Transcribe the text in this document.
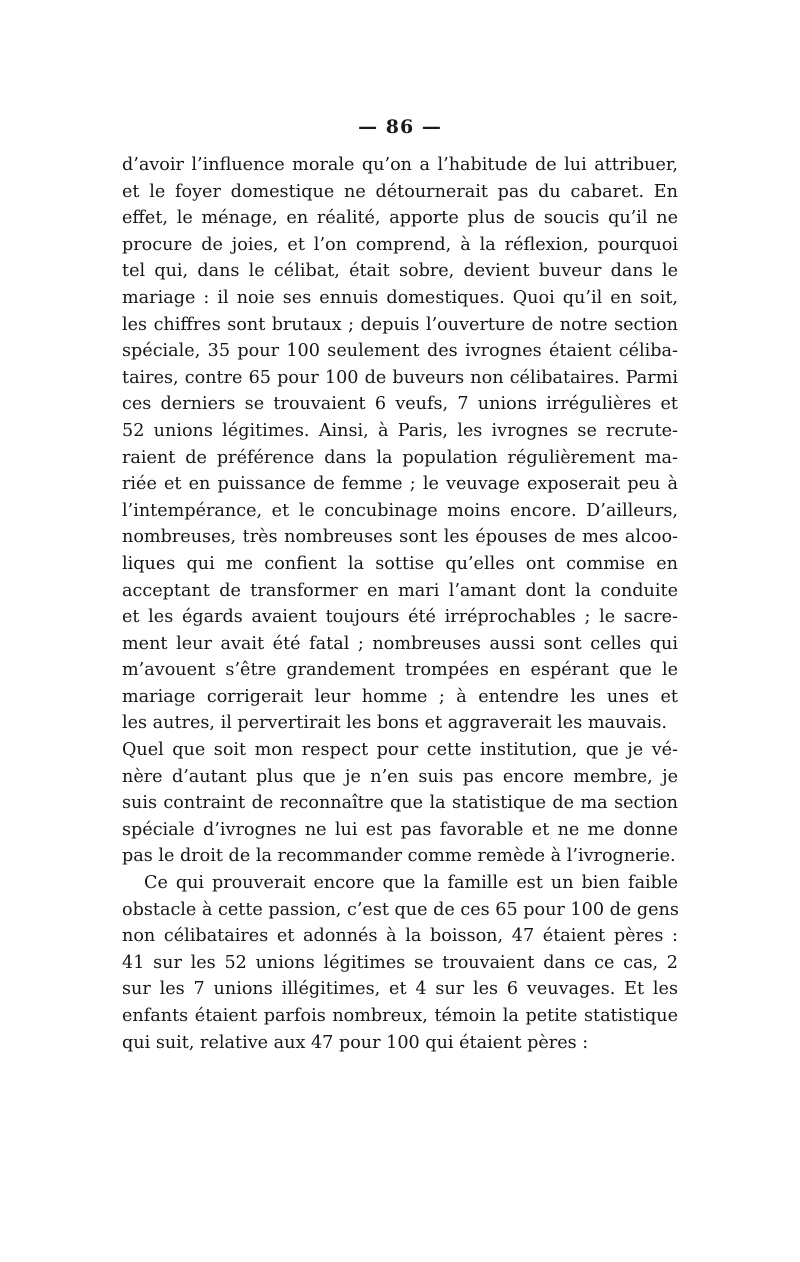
— 86 —
d’avoir l’influence morale qu’on a l’habitude de lui attribuer,
et le foyer domestique ne détournerait pas du cabaret. En
effet, le ménage, en réalité, apporte plus de soucis qu’il ne
procure de joies, et l’on comprend, à la réflexion, pourquoi
tel qui, dans le célibat, était sobre, devient buveur dans le
mariage : il noie ses ennuis domestiques. Quoi qu’il en soit,
les chiffres sont brutaux ; depuis l’ouverture de notre section
spéciale, 35 pour 100 seulement des ivrognes étaient céliba-
taires, contre 65 pour 100 de buveurs non célibataires. Parmi
ces derniers se trouvaient 6 veufs, 7 unions irrégulières et
52 unions légitimes. Ainsi, à Paris, les ivrognes se recrute-
raient de préférence dans la population régulièrement ma-
riée et en puissance de femme ; le veuvage exposerait peu à
l’intempérance, et le concubinage moins encore. D’ailleurs,
nombreuses, très nombreuses sont les épouses de mes alcoo-
liques qui me confient la sottise qu’elles ont commise en
acceptant de transformer en mari l’amant dont la conduite
et les égards avaient toujours été irréprochables ; le sacre-
ment leur avait été fatal ; nombreuses aussi sont celles qui
m’avouent s’être grandement trompées en espérant que le
mariage corrigerait leur homme ; à entendre les unes et
les autres, il pervertirait les bons et aggraverait les mauvais.
Quel que soit mon respect pour cette institution, que je vé-
nère d’autant plus que je n’en suis pas encore membre, je
suis contraint de reconnaître que la statistique de ma section
spéciale d’ivrognes ne lui est pas favorable et ne me donne
pas le droit de la recommander comme remède à l’ivrognerie.
Ce qui prouverait encore que la famille est un bien faible
obstacle à cette passion, c’est que de ces 65 pour 100 de gens
non célibataires et adonnés à la boisson, 47 étaient pères :
41 sur les 52 unions légitimes se trouvaient dans ce cas, 2
sur les 7 unions illégitimes, et 4 sur les 6 veuvages. Et les
enfants étaient parfois nombreux, témoin la petite statistique
qui suit, relative aux 47 pour 100 qui étaient pères :
